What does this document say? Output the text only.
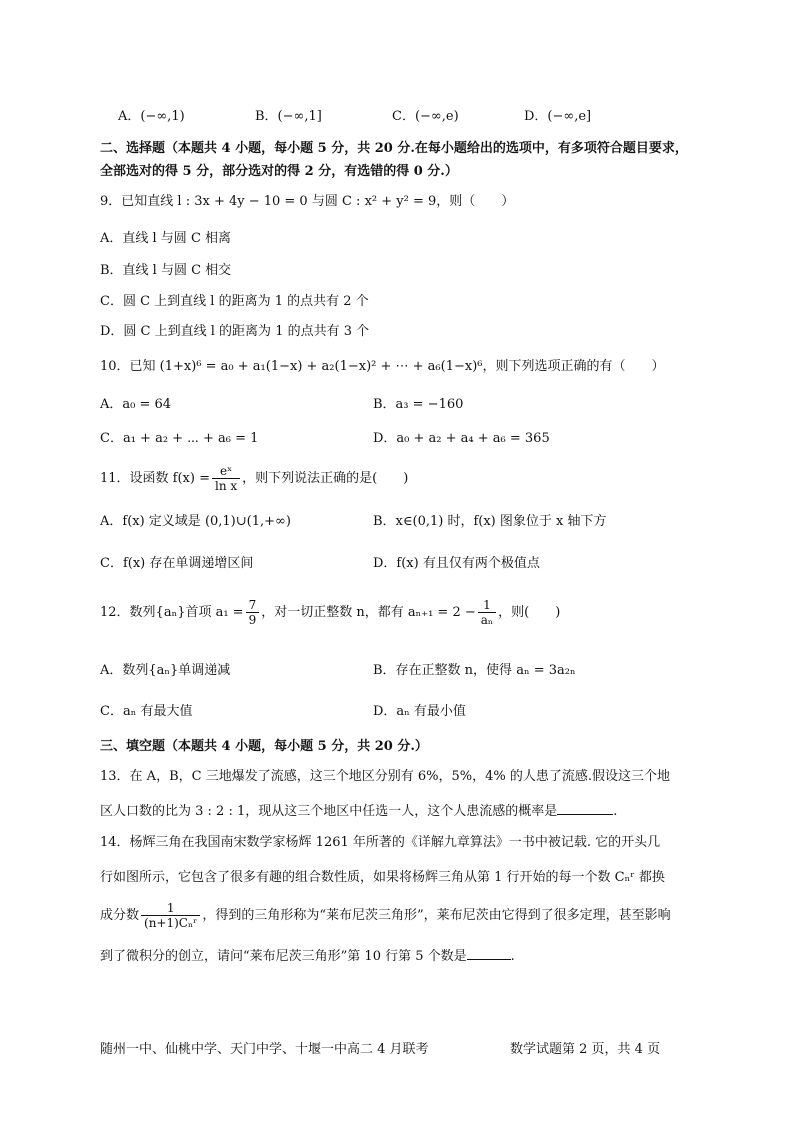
A．(−∞,1)	B．(−∞,1]	C．(−∞,e)	D．(−∞,e]
二、选择题（本题共 4 小题，每小题 5 分，共 20 分.在每小题给出的选项中，有多项符合题目要求，
全部选对的得 5 分，部分选对的得 2 分，有选错的得 0 分.）
9．已知直线 l : 3x + 4y − 10 = 0 与圆 C : x² + y² = 9，则（　　）
A．直线 l 与圆 C 相离
B．直线 l 与圆 C 相交
C．圆 C 上到直线 l 的距离为 1 的点共有 2 个
D．圆 C 上到直线 l 的距离为 1 的点共有 3 个
10．已知 (1+x)⁶ = a₀ + a₁(1−x) + a₂(1−x)² + ⋯ + a₆(1−x)⁶，则下列选项正确的有（　　）
A．a₀ = 64	B．a₃ = −160
C．a₁ + a₂ + ⋯ + a₆ = 1	D．a₀ + a₂ + a₄ + a₆ = 365
11．设函数 $f(x) = \frac{\text{eˣ}}{\text{ln x}}$ ，则下列说法正确的是(　　)
A．f(x) 定义域是 (0,1)∪(1,+∞)	B．x∈(0,1) 时，f(x) 图象位于 x 轴下方
C．f(x) 存在单调递增区间	D．f(x) 有且仅有两个极值点
12．数列{aₙ}首项 $a_1 = \frac{7}{9}$ ，对一切正整数 n，都有 $a_{n+1} = 2 - \frac{1}{\text{aₙ}}$ ，则(　　)
A．数列{aₙ}单调递减	B．存在正整数 n，使得 aₙ = 3a₂ₙ
C．aₙ 有最大值	D．aₙ 有最小值
三、填空题（本题共 4 小题，每小题 5 分，共 20 分.）
13．在 A，B，C 三地爆发了流感，这三个地区分别有 6%，5%，4% 的人患了流感.假设这三个地
区人口数的比为 3 : 2 : 1，现从这三个地区中任选一人，这个人患流感的概率是	.
14．杨辉三角在我国南宋数学家杨辉 1261 年所著的《详解九章算法》一书中被记载. 它的开头几
行如图所示，它包含了很多有趣的组合数性质，如果将杨辉三角从第 1 行开始的每一个数 Cₙʳ 都换
成分数 $\frac{1}{\text{(n+1)Cₙʳ}}$ ，得到的三角形称为“莱布尼茨三角形”，莱布尼茨由它得到了很多定理，甚至影响
到了微积分的创立，请问“莱布尼茨三角形”第 10 行第 5 个数是	.
随州一中、仙桃中学、天门中学、十堰一中高二 4 月联考	数学试题第 2 页，共 4 页
